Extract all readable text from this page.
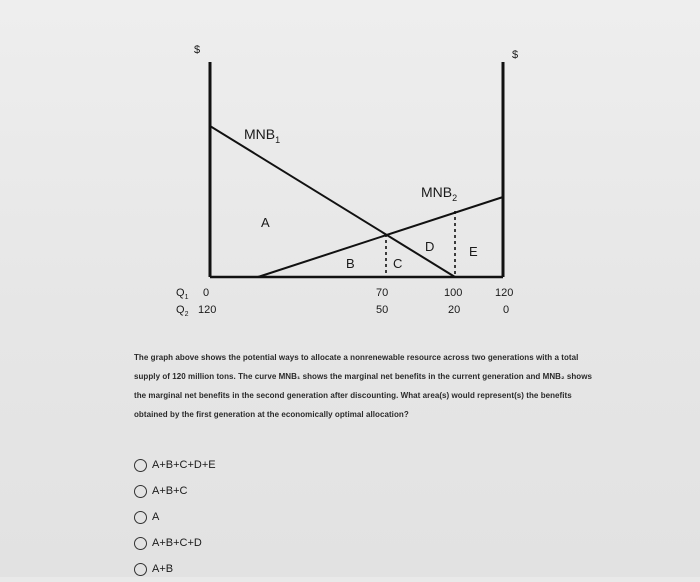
$	$
$MNB_1$
$MNB_2$
A
B	C
D	E
$Q_1$
$Q_2$
0	70	100	120
120	50	20	0
The graph above shows the potential ways to allocate a nonrenewable resource across two generations with a total supply of 120 million tons. The curve MNB₁ shows the marginal net benefits in the current generation and MNB₂ shows the marginal net benefits in the second generation after discounting. What area(s) would represent(s) the benefits obtained by the first generation at the economically optimal allocation?
A+B+C+D+E
A+B+C
A
A+B+C+D
A+B
